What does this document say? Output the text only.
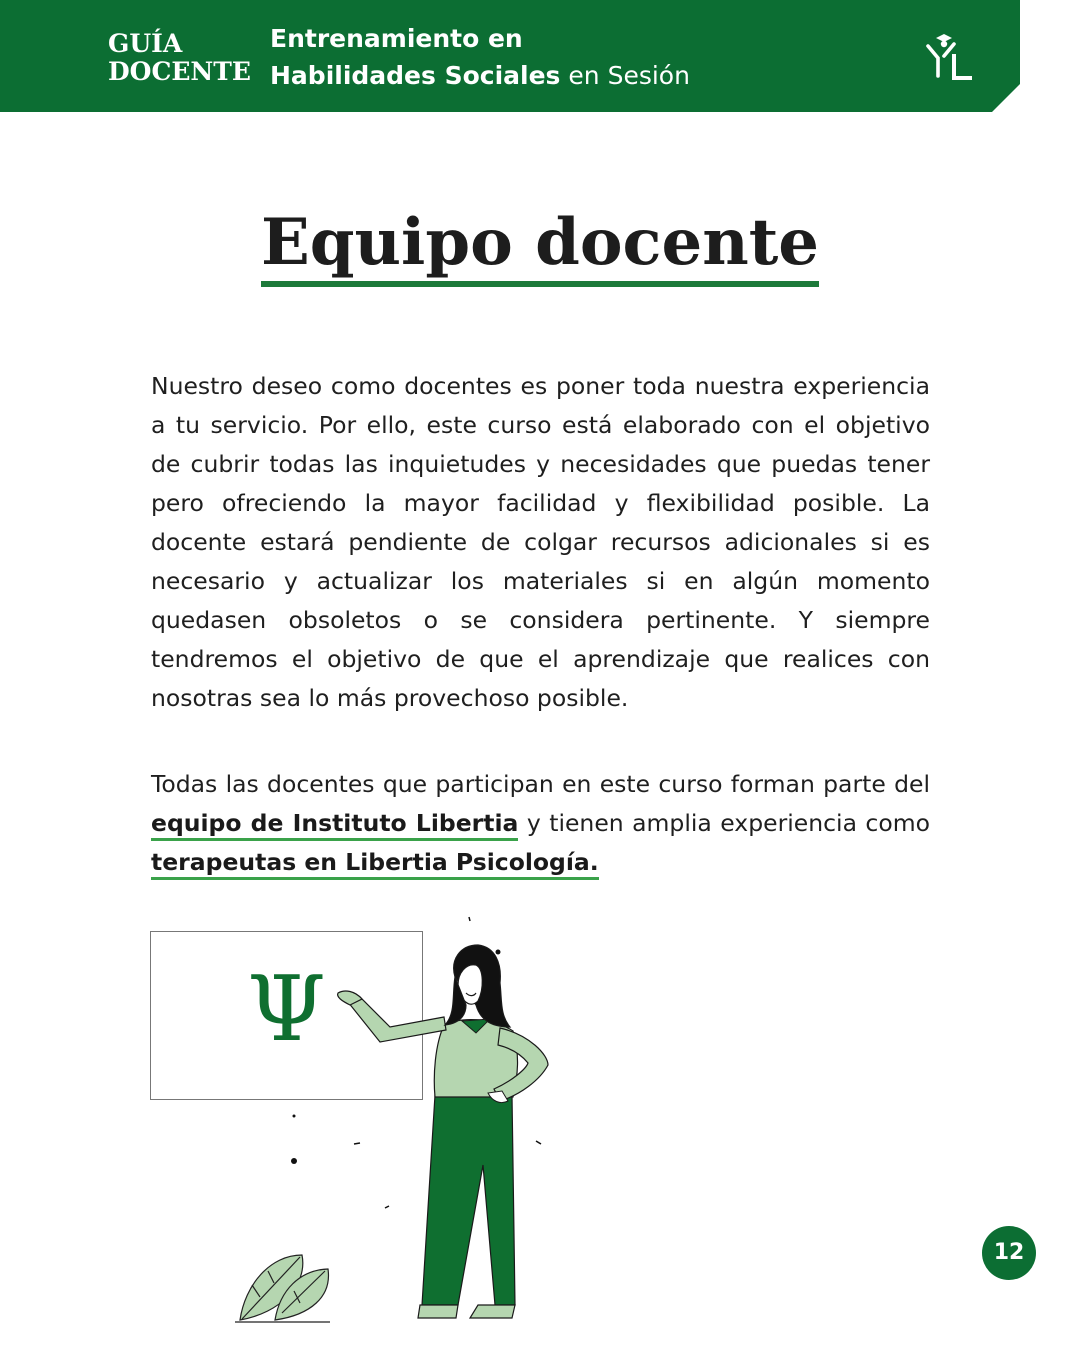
GUÍA
DOCENTE
Entrenamiento en
Habilidades Sociales en Sesión
Equipo docente

Nuestro deseo como docentes es poner toda nuestra experiencia a tu servicio. Por ello, este curso está elaborado con el objetivo de cubrir todas las inquietudes y necesidades que puedas tener pero ofreciendo la mayor facilidad y flexibilidad posible. La docente estará pendiente de colgar recursos adicionales si es necesario y actualizar los materiales si en algún momento quedasen obsoletos o se considera pertinente. Y siempre tendremos el objetivo de que el aprendizaje que realices con nosotras sea lo más provechoso posible.

Todas las docentes que participan en este curso forman parte del equipo de Instituto Libertia y tienen amplia experiencia como terapeutas en Libertia Psicología.

Ψ
12
